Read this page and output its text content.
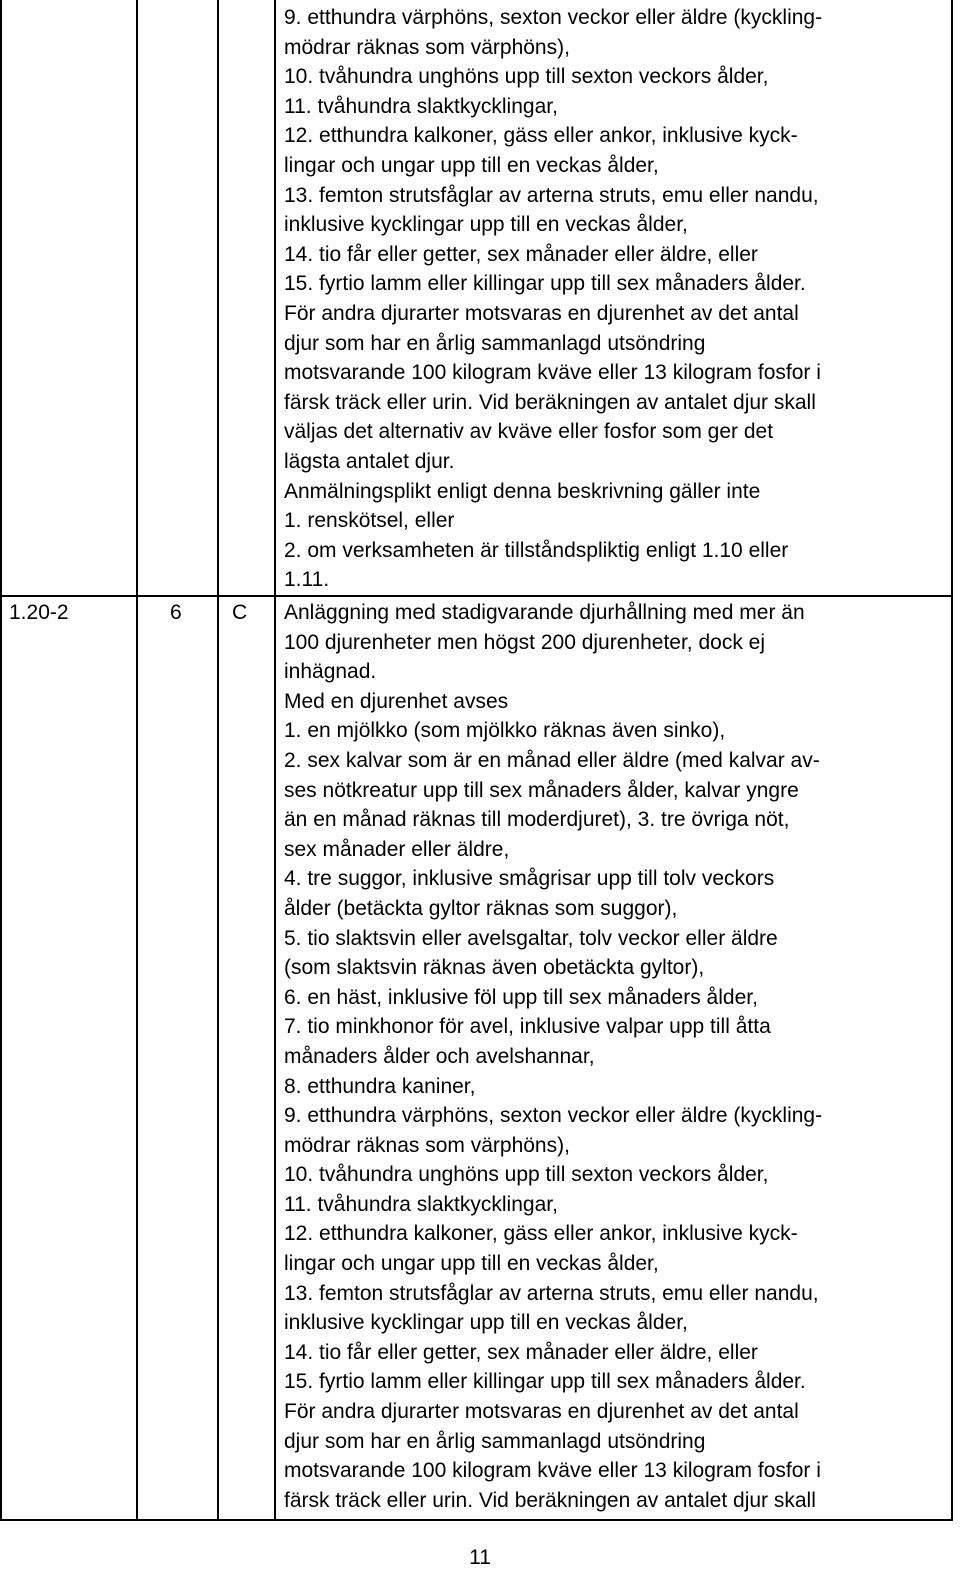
9. etthundra värphöns, sexton veckor eller äldre (kyckling-
mödrar räknas som värphöns),
10. tvåhundra unghöns upp till sexton veckors ålder,
11. tvåhundra slaktkycklingar,
12. etthundra kalkoner, gäss eller ankor, inklusive kyck-
lingar och ungar upp till en veckas ålder,
13. femton strutsfåglar av arterna struts, emu eller nandu,
inklusive kycklingar upp till en veckas ålder,
14. tio får eller getter, sex månader eller äldre, eller
15. fyrtio lamm eller killingar upp till sex månaders ålder.
För andra djurarter motsvaras en djurenhet av det antal
djur som har en årlig sammanlagd utsöndring
motsvarande 100 kilogram kväve eller 13 kilogram fosfor i
färsk träck eller urin. Vid beräkningen av antalet djur skall
väljas det alternativ av kväve eller fosfor som ger det
lägsta antalet djur.
Anmälningsplikt enligt denna beskrivning gäller inte
1. renskötsel, eller
2. om verksamheten är tillståndspliktig enligt 1.10 eller
1.11.
1.20-2	6 C Anläggning med stadigvarande djurhållning med mer än
100 djurenheter men högst 200 djurenheter, dock ej
inhägnad.
Med en djurenhet avses
1. en mjölkko (som mjölkko räknas även sinko),
2. sex kalvar som är en månad eller äldre (med kalvar av-
ses nötkreatur upp till sex månaders ålder, kalvar yngre
än en månad räknas till moderdjuret), 3. tre övriga nöt,
sex månader eller äldre,
4. tre suggor, inklusive smågrisar upp till tolv veckors
ålder (betäckta gyltor räknas som suggor),
5. tio slaktsvin eller avelsgaltar, tolv veckor eller äldre
(som slaktsvin räknas även obetäckta gyltor),
6. en häst, inklusive föl upp till sex månaders ålder,
7. tio minkhonor för avel, inklusive valpar upp till åtta
månaders ålder och avelshannar,
8. etthundra kaniner,
9. etthundra värphöns, sexton veckor eller äldre (kyckling-
mödrar räknas som värphöns),
10. tvåhundra unghöns upp till sexton veckors ålder,
11. tvåhundra slaktkycklingar,
12. etthundra kalkoner, gäss eller ankor, inklusive kyck-
lingar och ungar upp till en veckas ålder,
13. femton strutsfåglar av arterna struts, emu eller nandu,
inklusive kycklingar upp till en veckas ålder,
14. tio får eller getter, sex månader eller äldre, eller
15. fyrtio lamm eller killingar upp till sex månaders ålder.
För andra djurarter motsvaras en djurenhet av det antal
djur som har en årlig sammanlagd utsöndring
motsvarande 100 kilogram kväve eller 13 kilogram fosfor i
färsk träck eller urin. Vid beräkningen av antalet djur skall
11
